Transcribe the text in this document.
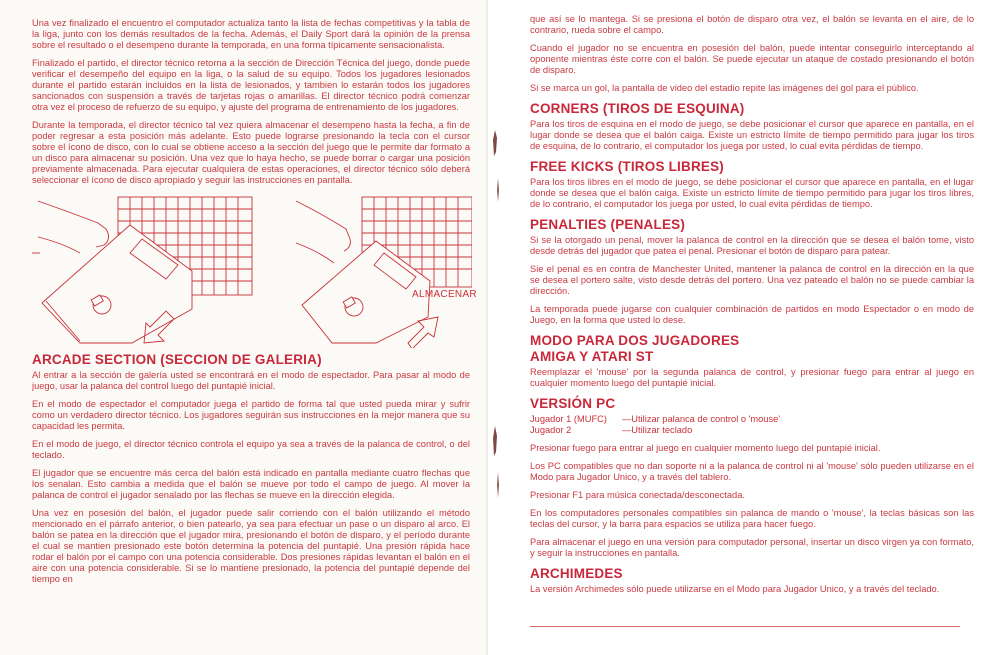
Una vez finalizado el encuentro el computador actualiza tanto la lista de fechas competitivas y la tabla de la liga, junto con los demás resultados de la fecha. Además, el Daily Sport dará la opinión de la prensa sobre el resultado o el desempeno durante la temporada, en una forma típicamente sensacionalista.

Finalizado el partido, el director técnico retorna a la sección de Dirección Técnica del juego, donde puede verificar el desempeño del equipo en la liga, o la salud de su equipo. Todos los jugadores lesionados durante el partido estarán incluidos en la lista de lesionados, y tambien lo estarán todos los jugadores sancionados con suspensión a través de tarjetas rojas o amarillas. El director técnico podrá comenzar otra vez el proceso de refuerzo de su equipo, y ajuste del programa de entrenamiento de los jugadores.

Durante la temporada, el director técnico tal vez quiera almacenar el desempeno hasta la fecha, a fin de poder regresar a esta posición más adelante. Esto puede lograrse presionando la tecla con el cursor sobre el ícono de disco, con lo cual se obtiene acceso a la sección del juego que le permite dar formato a un disco para almacenar su posición. Una vez que lo haya hecho, se puede borrar o cargar una posición previamente almacenada. Para ejecutar cualquiera de estas operaciones, el director técnico sólo deberá seleccionar el ícono de disco apropiado y seguir las instrucciones en pantalla.

ALMACENAR
ARCADE SECTION (SECCION DE GALERIA)

Al entrar a la sección de galería usted se encontrará en el modo de espectador. Para pasar al modo de juego, usar la palanca del control luego del puntapié inicial.

En el modo de espectador el computador juega el partido de forma tal que usted pueda mirar y sufrir como un verdadero director técnico. Los jugadores seguirán sus instrucciones en la mejor manera que su capacidad les permita.

En el modo de juego, el director técnico controla el equipo ya sea a través de la palanca de control, o del teclado.

El jugador que se encuentre más cerca del balón está indicado en pantalla mediante cuatro flechas que los senalan. Esto cambia a medida que el balón se mueve por todo el campo de juego. Al mover la palanca de control el jugador senalado por las flechas se mueve en la dirección elegida.

Una vez en posesión del balón, el jugador puede salir corriendo con el balón utilizando el método mencionado en el párrafo anterior, o bien patearlo, ya sea para efectuar un pase o un disparo al arco. El balón se patea en la dirección que el jugador mira, presionando el botón de disparo, y el período durante el cual se mantien presionado este botón determina la potencia del puntapié. Una presión rápida hace rodar el balón por el campo con una potencia considerable. Dos presiones rápidas levantan el balón en el aire con una potencia considerable. Si se lo mantiene presionado, la potencia del puntapié depende del tiempo en

que así se lo mantega. Si se presiona el botón de disparo otra vez, el balón se levanta en el aire, de lo contrario, rueda sobre el campo.

Cuando el jugador no se encuentra en posesión del balón, puede intentar conseguirlo interceptando al oponente mientras éste corre con el balón. Se puede ejecutar un ataque de costado presionando el botón de disparo.

Si se marca un gol, la pantalla de video del estadio repite las imágenes del gol para el público.

CORNERS (TIROS DE ESQUINA)

Para los tiros de esquina en el modo de juego, se debe posicionar el cursor que aparece en pantalla, en el lugar donde se desea que el balón caiga. Existe un estricto límite de tiempo permitido para jugar los tiros de esquina, de lo contrario, el computador los juega por usted, lo cual evita pérdidas de tiempo.

FREE KICKS (TIROS LIBRES)

Para los tiros libres en el modo de juego, se debe posicionar el cursor que aparece en pantalla, en el lugar donde se desea que el balón caiga. Existe un estricto límite de tiempo permitido para jugar los tiros libres, de lo contrario, el computador los juega por usted, lo cual evita pérdidas de tiempo.

PENALTIES (PENALES)

Si se la otorgado un penal, mover la palanca de control en la dirección que se desea el balón tome, visto desde detrás del jugador que patea el penal. Presionar el botón de disparo para patear.

Sie el penal es en contra de Manchester United, mantener la palanca de control en la dirección en la que se desea el portero salte, visto desde detrás del portero. Una vez pateado el balón no se puede cambiar la dirección.

La temporada puede jugarse con cualquier combinación de partidos en modo Espectador o en modo de Juego, en la forma que usted lo dese.

MODO PARA DOS JUGADORES
AMIGA Y ATARI ST

Reemplazar el 'mouse' por la segunda palanca de control, y presionar fuego para entrar al juego en cualquier momento luego del puntapié inicial.

VERSIÓN PC
Jugador 1 (MUFC)	—Utilizar palanca de control o 'mouse'
Jugador 2	—Utilizar teclado

Presionar fuego para entrar al juego en cualquier momento luego del puntapié inicial.

Los PC compatibles que no dan soporte ni a la palanca de control ni al 'mouse' sólo pueden utilizarse en el Modo para Jugador Unico, y a través del tablero.

Presionar F1 para música conectada/desconectada.

En los computadores personales compatibles sin palanca de mando o 'mouse', la teclas básicas son las teclas del cursor, y la barra para espacios se utiliza para hacer fuego.

Para almacenar el juego en una versión para computador personal, insertar un disco virgen ya con formato, y seguir la instrucciones en pantalla.

ARCHIMEDES

La versión Archimedes sólo puede utilizarse en el Modo para Jugador Unico, y a través del teclado.
